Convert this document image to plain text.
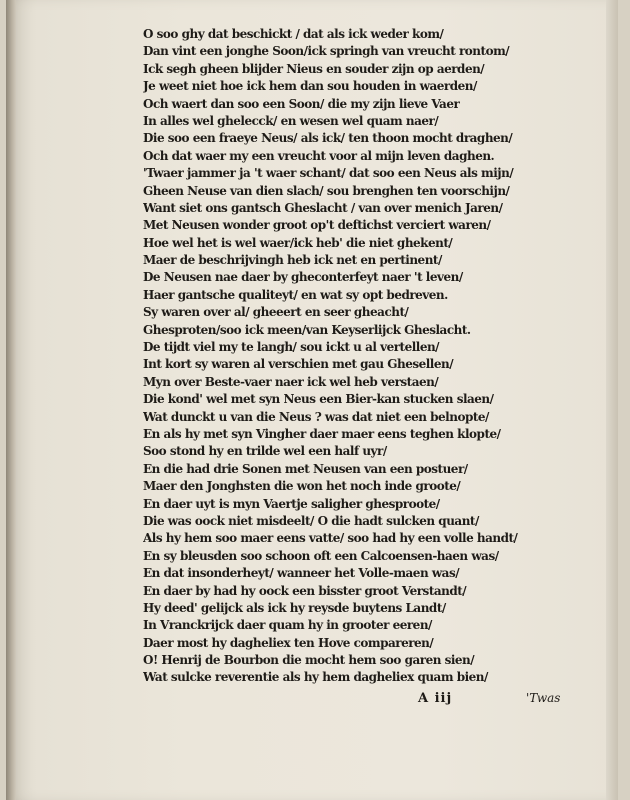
O soo ghy dat beschickt / dat als ick weder kom/
Dan vint een jonghe Soon/ick springh van vreucht rontom/
Ick segh gheen blijder Nieus en souder zijn op aerden/
Je weet niet hoe ick hem dan sou houden in waerden/
Och waert dan soo een Soon/ die my zijn lieve Vaer
In alles wel ghelecck/ en wesen wel quam naer/
Die soo een fraeye Neus/ als ick/ ten thoon mocht draghen/
Och dat waer my een vreucht voor al mijn leven daghen.
'Twaer jammer ja 't waer schant/ dat soo een Neus als mijn/
Gheen Neuse van dien slach/ sou brenghen ten voorschijn/
Want siet ons gantsch Gheslacht / van over menich Jaren/
Met Neusen wonder groot op't deftichst verciert waren/
Hoe wel het is wel waer/ick heb' die niet ghekent/
Maer de beschrijvingh heb ick net en pertinent/
De Neusen nae daer by gheconterfeyt naer 't leven/
Haer gantsche qualiteyt/ en wat sy opt bedreven.
Sy waren over al/ gheeert en seer gheacht/
Ghesproten/soo ick meen/van Keyserlijck Gheslacht.
De tijdt viel my te langh/ sou ickt u al vertellen/
Int kort sy waren al verschien met gau Ghesellen/
Myn over Beste-vaer naer ick wel heb verstaen/
Die kond' wel met syn Neus een Bier-kan stucken slaen/
Wat dunckt u van die Neus ? was dat niet een belnopte/
En als hy met syn Vingher daer maer eens teghen klopte/
Soo stond hy en trilde wel een half uyr/
En die had drie Sonen met Neusen van een postuer/
Maer den Jonghsten die won het noch inde groote/
En daer uyt is myn Vaertje saligher ghesproote/
Die was oock niet misdeelt/ O die hadt sulcken quant/
Als hy hem soo maer eens vatte/ soo had hy een volle handt/
En sy bleusden soo schoon oft een Calcoensen-haen was/
En dat insonderheyt/ wanneer het Volle-maen was/
En daer by had hy oock een bisster groot Verstandt/
Hy deed' gelijck als ick hy reysde buytens Landt/
In Vranckrijck daer quam hy in grooter eeren/
Daer most hy dagheliex ten Hove compareren/
O! Henrij de Bourbon die mocht hem soo garen sien/
Wat sulcke reverentie als hy hem dagheliex quam bien/
A iij	'Twas
